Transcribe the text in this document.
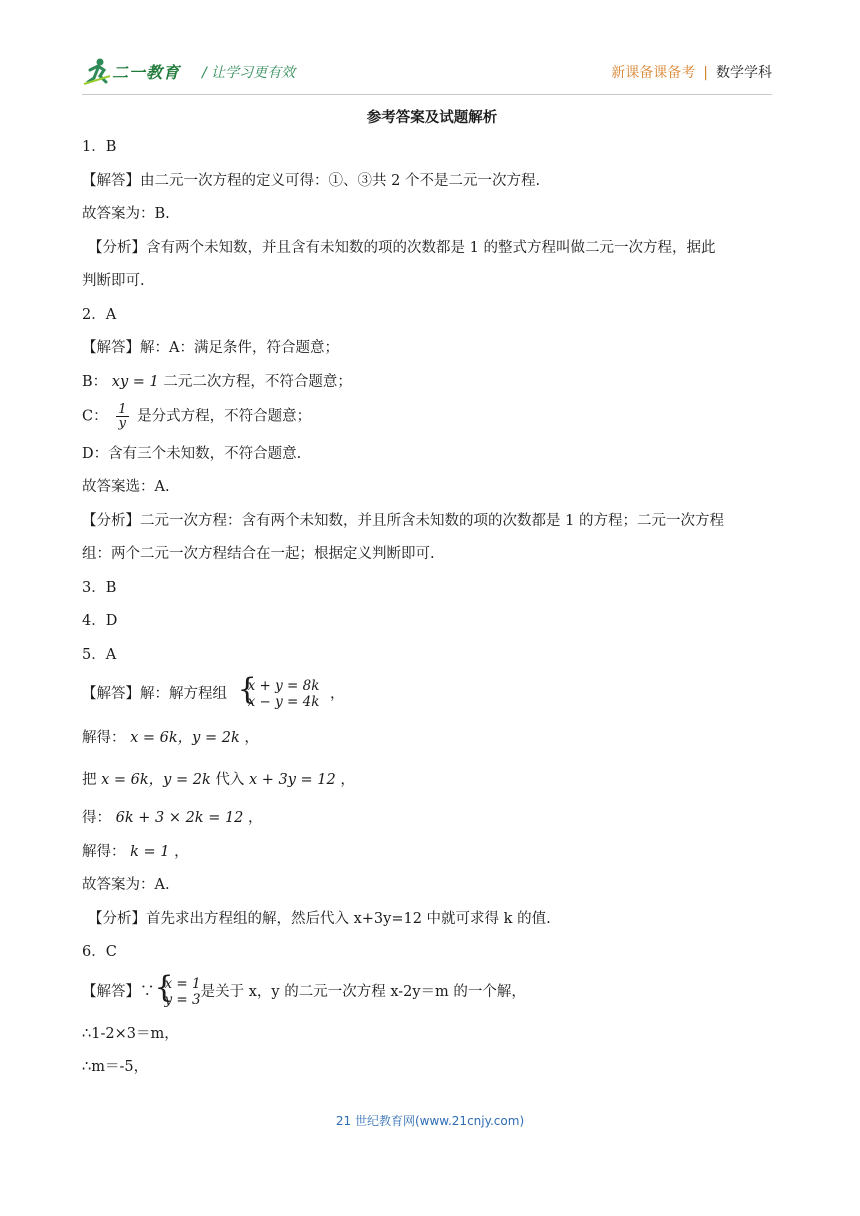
二一教育 / 让学习更有效	新课备课备考 | 数学学科
参考答案及试题解析
1．B
【解答】由二元一次方程的定义可得：①、③共 2 个不是二元一次方程.
故答案为：B.
【分析】含有两个未知数，并且含有未知数的项的次数都是 1 的整式方程叫做二元一次方程，据此
判断即可.
2．A
【解答】解：A：满足条件，符合题意；
B： xy = 1 二元二次方程，不符合题意；
C： $\frac{1}{y}$ 是分式方程，不符合题意；
D：含有三个未知数，不符合题意.
故答案选：A.
【分析】二元一次方程：含有两个未知数，并且所含未知数的项的次数都是 1 的方程；二元一次方程
组：两个二元一次方程结合在一起；根据定义判断即可.
3．B
4．D
5．A
【解答】解：解方程组 {
x + y = 8k
x − y = 4k ，
解得： x = 6k，y = 2k ，
把 x = 6k，y = 2k 代入 x + 3y = 12 ，
得： 6k + 3 × 2k = 12 ，
解得： k = 1 ，
故答案为：A.
【分析】首先求出方程组的解，然后代入 x+3y=12 中就可求得 k 的值.
6．C
【解答】∵ {
x = 1
y = 3 是关于 x，y 的二元一次方程 x-2y＝m 的一个解，
∴1-2×3＝m，
∴m＝-5，
21 世纪教育网(www.21cnjy.com)
